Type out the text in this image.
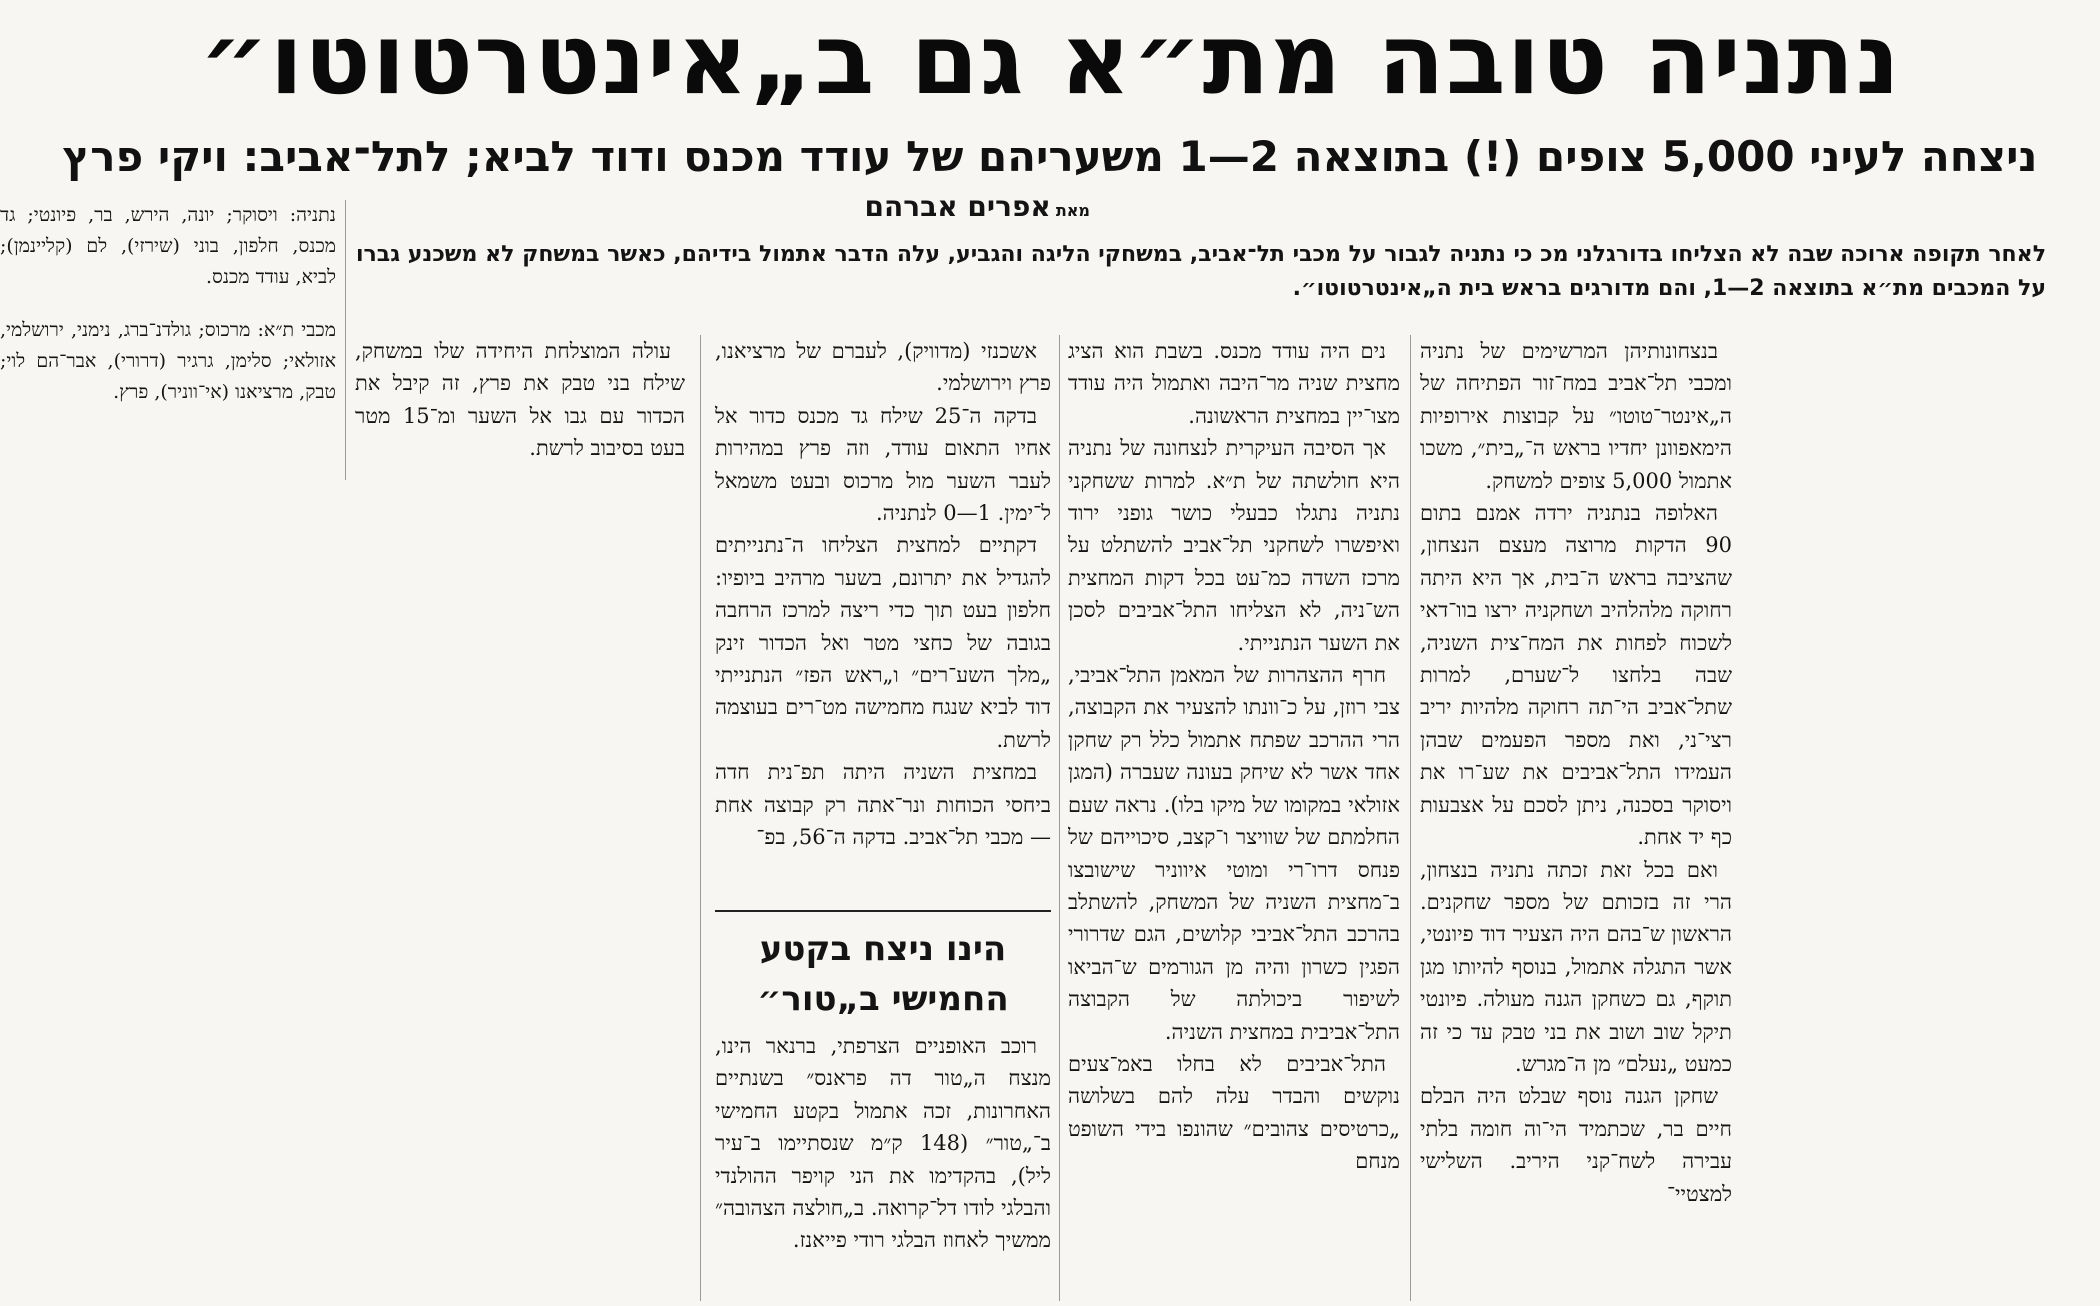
נתניה טובה מת״א גם ב„אינטרטוטו״
ניצחה לעיני 5,000 צופים (!) בתוצאה 2—1 משעריהם של עודד מכנס ודוד לביא; לתל־אביב: ויקי פרץ
מאת אפרים אברהם

לאחר תקופה ארוכה שבה לא הצליחו בדורגלני מכ כי נתניה לגבור על מכבי תל־אביב, במשחקי הליגה והגביע, עלה הדבר אתמול בידיהם, כאשר במשחק לא משכנע גברו על המכבים מת״א בתוצאה 2—1, והם מדורגים בראש בית ה„אינטרטוטו״.

נתניה: ויסוקר; יונה, הירש, בר, פיונטי; גד מכנס, חלפון, בוני (שירזי), לם (קליינמן); לביא, עודד מכנס.

מכבי ת״א: מרכוס; גולדנ־ברג, נימני, ירושלמי, אזולאי; סלימן, גרגיר (דרורי), אבר־הם לוי; טבק, מרציאנו (אי־ווניר), פרץ.

בנצחונותיהן המרשימים של נתניה ומכבי תל־אביב במח־זור הפתיחה של ה„אינטר־טוטו״ על קבוצות אירופיות הימאפוונן יחדיו בראש ה־„בית״, משכו אתמול 5,000 צופים למשחק.

האלופה בנתניה ירדה אמנם בתום 90 הדקות מרוצה מעצם הנצחון, שהציבה בראש ה־בית, אך היא היתה רחוקה מלהלהיב ושחקניה ירצו בוו־דאי לשכוח לפחות את המח־צית השניה, שבה בלחצו ל־שערם, למרות שתל־אביב הי־תה רחוקה מלהיות יריב רצי־ני, ואת מספר הפעמים שבהן העמידו התל־אביבים את שע־רו את ויסוקר בסכנה, ניתן לסכם על אצבעות כף יד אחת.

ואם בכל זאת זכתה נתניה בנצחון, הרי זה בזכותם של מספר שחקנים. הראשון ש־בהם היה הצעיר דוד פיונטי, אשר התגלה אתמול, בנוסף להיותו מגן תוקף, גם כשחקן הגנה מעולה. פיונטי תיקל שוב ושוב את בני טבק עד כי זה כמעט „נעלם״ מן ה־מגרש.

שחקן הגנה נוסף שבלט היה הבלם חיים בר, שכתמיד הי־וה חומה בלתי עבירה לשח־קני היריב. השלישי למצטיי־

נים היה עודד מכנס. בשבת הוא הציג מחצית שניה מר־היבה ואתמול היה עודד מצו־יין במחצית הראשונה.

אך הסיבה העיקרית לנצחונה של נתניה היא חולשתה של ת״א. למרות ששחקני נתניה נתגלו כבעלי כושר גופני ירוד ואיפשרו לשחקני תל־אביב להשתלט על מרכז השדה כמ־עט בכל דקות המחצית הש־ניה, לא הצליחו התל־אביבים לסכן את השער הנתנייתי.

חרף ההצהרות של המאמן התל־אביבי, צבי רוזן, על כ־וונתו להצעיר את הקבוצה, הרי ההרכב שפתח אתמול כלל רק שחקן אחד אשר לא שיחק בעונה שעברה (המגן אזולאי במקומו של מיקו בלו). נראה שעם החלמתם של שוויצר ו־קצב, סיכוייהם של פנחס דרו־רי ומוטי איווניר שישובצו ב־מחצית השניה של המשחק, להשתלב בהרכב התל־אביבי קלושים, הגם שדרורי הפגין כשרון והיה מן הגורמים ש־הביאו לשיפור ביכולתה של הקבוצה התל־אביבית במחצית השניה.

התל־אביבים לא בחלו באמ־צעים נוקשים והבדר עלה להם בשלושה „כרטיסים צהובים״ שהונפו בידי השופט מנחם

אשכנזי (מדוויק), לעברם של מרציאנו, פרץ וירושלמי.

בדקה ה־25 שילח גד מכנס כדור אל אחיו התאום עודד, וזה פרץ במהירות לעבר השער מול מרכוס ובעט משמאל ל־ימין. 1—0 לנתניה.

דקתיים למחצית הצליחו ה־נתנייתים להגדיל את יתרונם, בשער מרהיב ביופיו: חלפון בעט תוך כדי ריצה למרכז הרחבה בגובה של כחצי מטר ואל הכדור זינק „מלך השע־רים״ ו„ראש הפז״ הנתנייתי דוד לביא שנגח מחמישה מט־רים בעוצמה לרשת.

במחצית השניה היתה תפ־נית חדה ביחסי הכוחות ונר־אתה רק קבוצה אחת — מכבי תל־אביב. בדקה ה־56, בפ־

עולה המוצלחת היחידה שלו במשחק, שילח בני טבק את פרץ, זה קיבל את הכדור עם גבו אל השער ומ־15 מטר בעט בסיבוב לרשת.

הינו ניצח בקטע החמישי ב„טור״

רוכב האופניים הצרפתי, ברנאר הינו, מנצח ה„טור דה פראנס״ בשנתיים האחרונות, זכה אתמול בקטע החמישי ב־„טור״ (148 ק״מ שנסתיימו ב־עיר ליל), בהקדימו את הני קויפר ההולנדי והבלגי לודו דל־קרואה. ב„חולצה הצהובה״ ממשיך לאחוז הבלגי רודי פייאנז.
